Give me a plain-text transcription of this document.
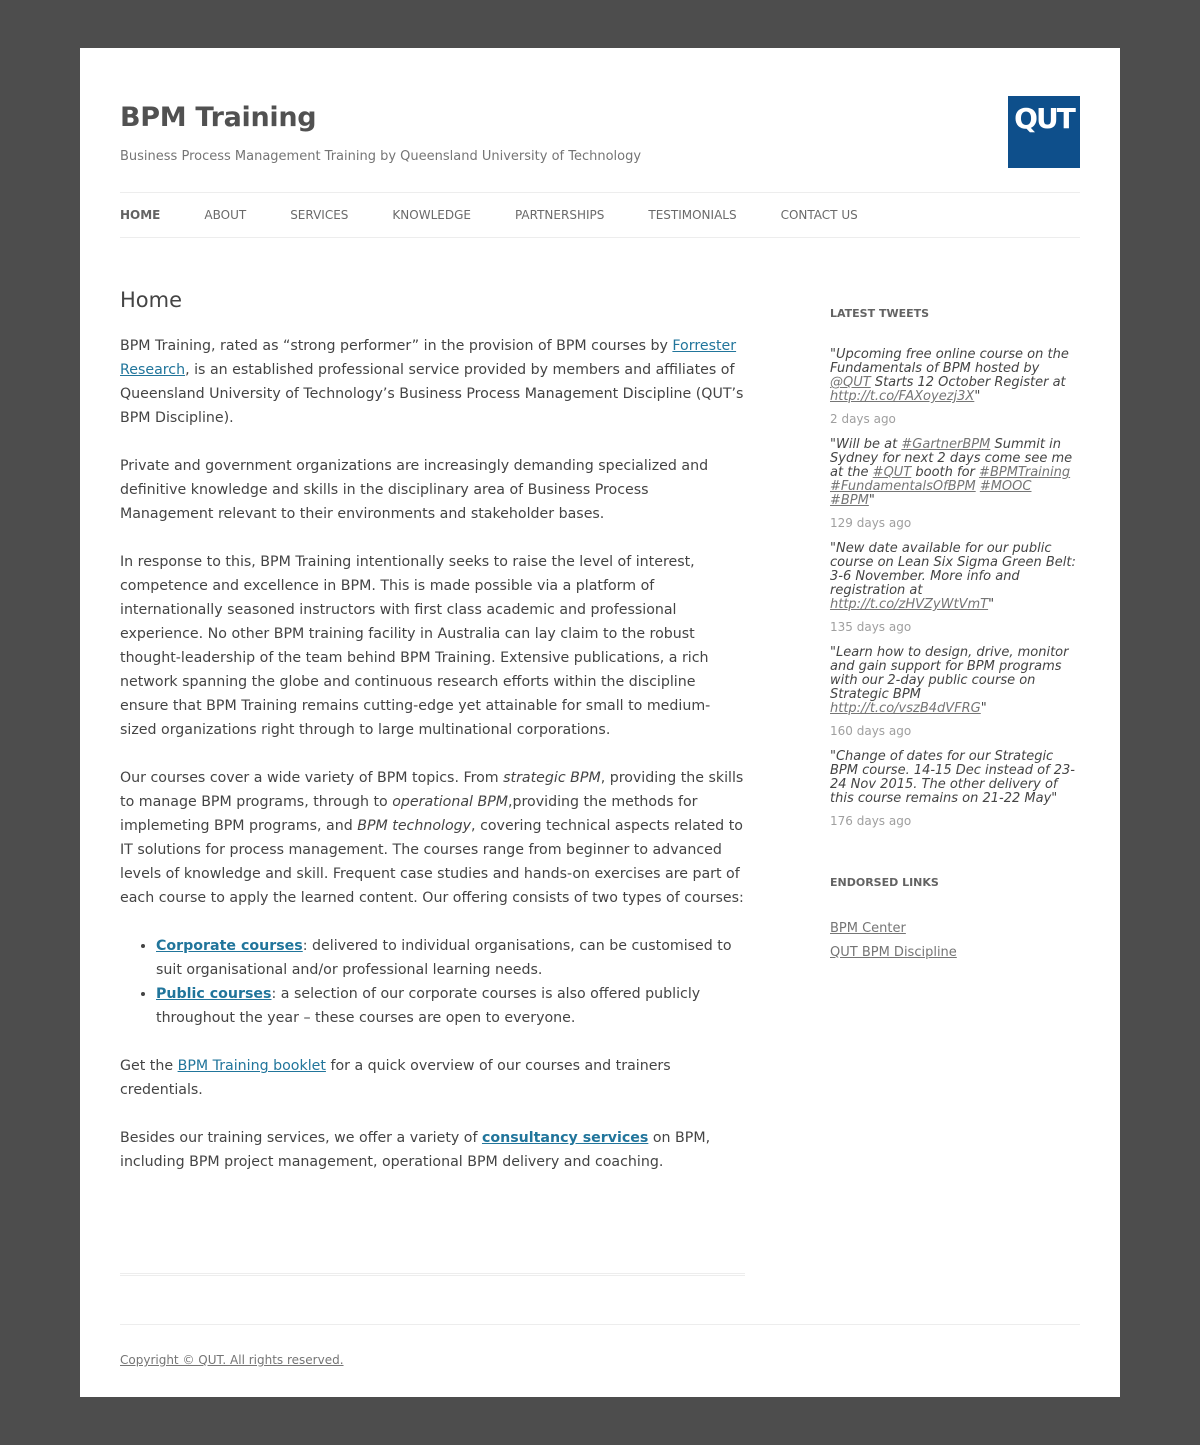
BPM Training
Business Process Management Training by Queensland University of Technology
QUT
HOME	ABOUT	SERVICES	KNOWLEDGE	PARTNERSHIPS	TESTIMONIALS	CONTACT US
Home

BPM Training, rated as “strong performer” in the provision of BPM courses by Forrester Research, is an established professional service provided by members and affiliates of Queensland University of Technology’s Business Process Management Discipline (QUT’s BPM Discipline).

Private and government organizations are increasingly demanding specialized and definitive knowledge and skills in the disciplinary area of Business Process Management relevant to their environments and stakeholder bases.

In response to this, BPM Training intentionally seeks to raise the level of interest, competence and excellence in BPM. This is made possible via a platform of internationally seasoned instructors with first class academic and professional experience. No other BPM training facility in Australia can lay claim to the robust thought-leadership of the team behind BPM Training. Extensive publications, a rich network spanning the globe and continuous research efforts within the discipline ensure that BPM Training remains cutting-edge yet attainable for small to medium-sized organizations right through to large multinational corporations.

Our courses cover a wide variety of BPM topics. From strategic BPM, providing the skills to manage BPM programs, through to operational BPM,providing the methods for implemeting BPM programs, and BPM technology, covering technical aspects related to IT solutions for process management. The courses range from beginner to advanced levels of knowledge and skill. Frequent case studies and hands-on exercises are part of each course to apply the learned content. Our offering consists of two types of courses:

• Corporate courses: delivered to individual organisations, can be customised to suit organisational and/or professional learning needs.
• Public courses: a selection of our corporate courses is also offered publicly throughout the year – these courses are open to everyone.

Get the BPM Training booklet for a quick overview of our courses and trainers credentials.

Besides our training services, we offer a variety of consultancy services on BPM, including BPM project management, operational BPM delivery and coaching.

LATEST TWEETS
"Upcoming free online course on the Fundamentals of BPM hosted by @QUT Starts 12 October Register at http://t.co/FAXoyezj3X"
2 days ago
"Will be at #GartnerBPM Summit in Sydney for next 2 days come see me at the #QUT booth for #BPMTraining #FundamentalsOfBPM #MOOC #BPM"
129 days ago
"New date available for our public course on Lean Six Sigma Green Belt: 3-6 November. More info and registration at http://t.co/zHVZyWtVmT"
135 days ago
"Learn how to design, drive, monitor and gain support for BPM programs with our 2-day public course on Strategic BPM http://t.co/vszB4dVFRG"
160 days ago
"Change of dates for our Strategic BPM course. 14-15 Dec instead of 23-24 Nov 2015. The other delivery of this course remains on 21-22 May"
176 days ago
ENDORSED LINKS
BPM Center
QUT BPM Discipline
Copyright © QUT. All rights reserved.
